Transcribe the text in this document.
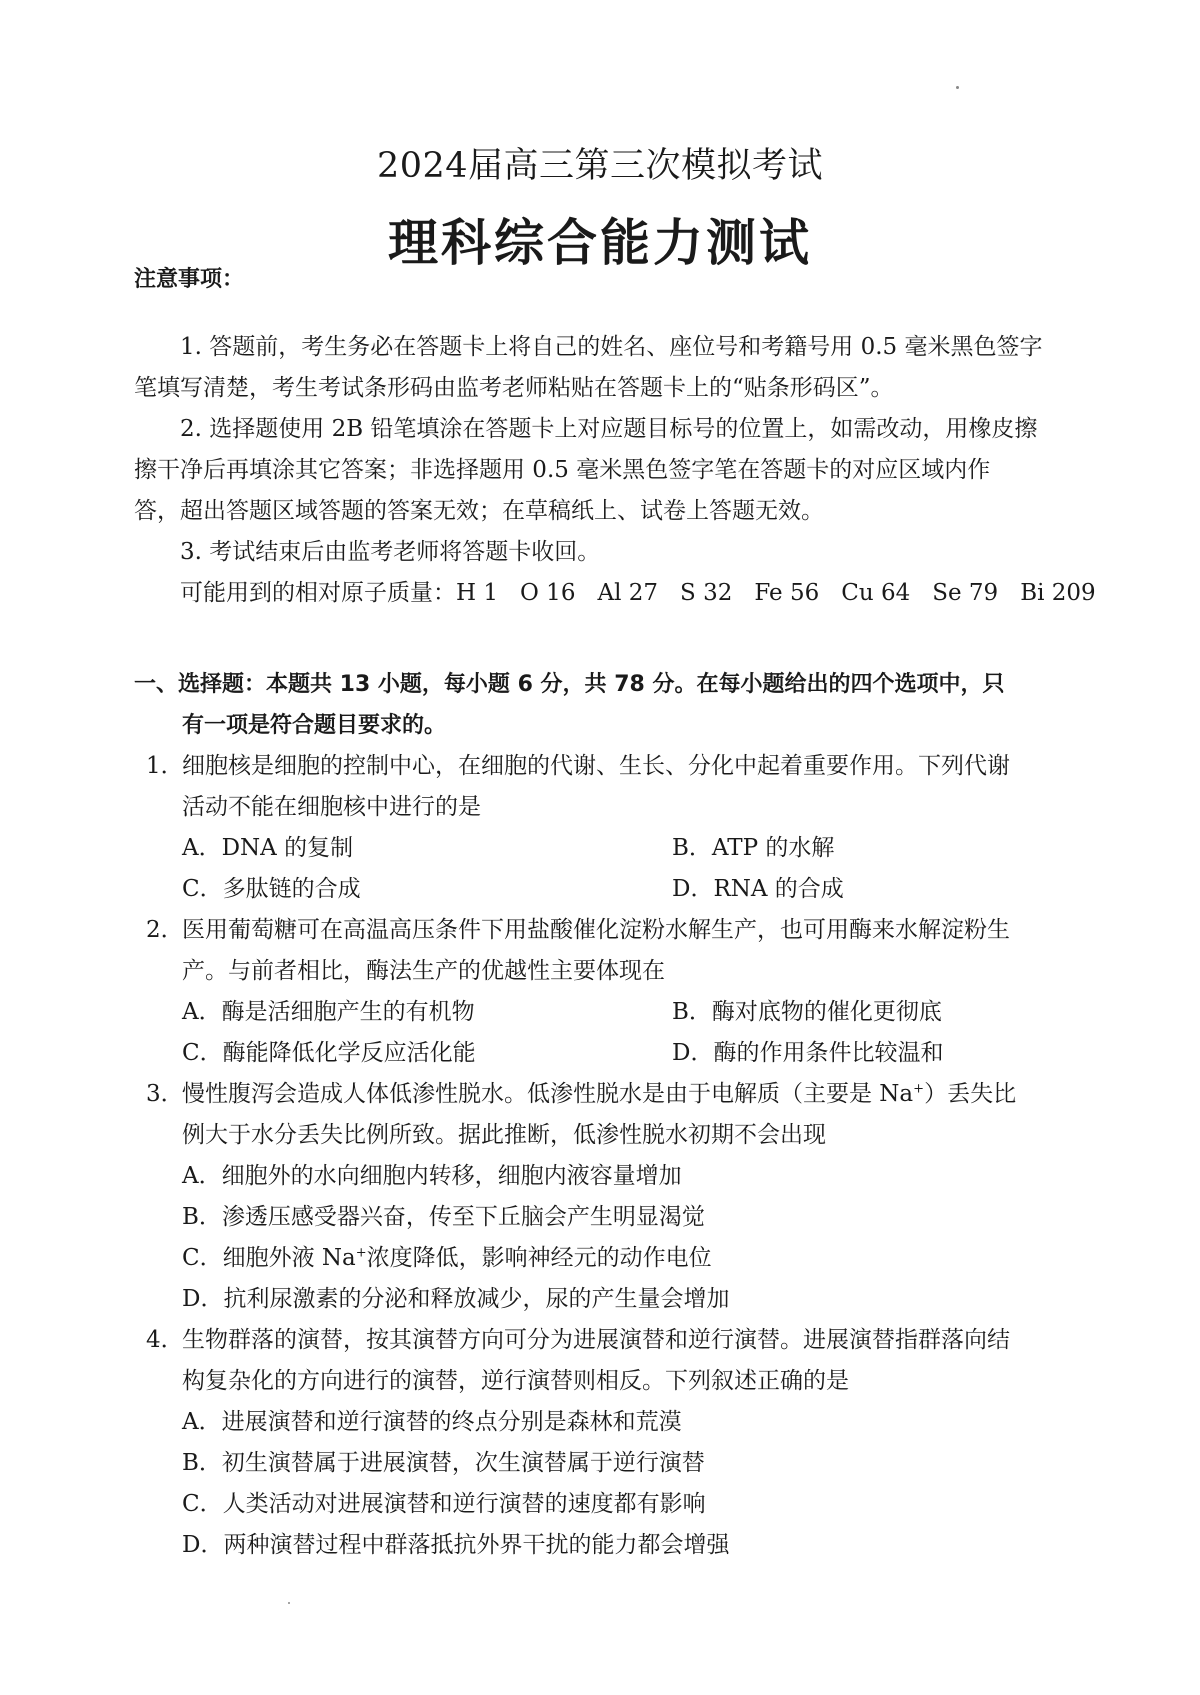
2024届高三第三次模拟考试
理科综合能力测试
注意事项：
1. 答题前，考生务必在答题卡上将自己的姓名、座位号和考籍号用 0.5 毫米黑色签字
笔填写清楚，考生考试条形码由监考老师粘贴在答题卡上的“贴条形码区”。
2. 选择题使用 2B 铅笔填涂在答题卡上对应题目标号的位置上，如需改动，用橡皮擦
擦干净后再填涂其它答案；非选择题用 0.5 毫米黑色签字笔在答题卡的对应区域内作
答，超出答题区域答题的答案无效；在草稿纸上、试卷上答题无效。
3. 考试结束后由监考老师将答题卡收回。
可能用到的相对原子质量：H 1 O 16 Al 27 S 32 Fe 56 Cu 64 Se 79 Bi 209
一、选择题：本题共 13 小题，每小题 6 分，共 78 分。在每小题给出的四个选项中，只
有一项是符合题目要求的。
1．
细胞核是细胞的控制中心，在细胞的代谢、生长、分化中起着重要作用。下列代谢
活动不能在细胞核中进行的是
A．DNA 的复制	B．ATP 的水解
C．多肽链的合成	D．RNA 的合成
2．
医用葡萄糖可在高温高压条件下用盐酸催化淀粉水解生产，也可用酶来水解淀粉生
产。与前者相比，酶法生产的优越性主要体现在
A．酶是活细胞产生的有机物	B．酶对底物的催化更彻底
C．酶能降低化学反应活化能	D．酶的作用条件比较温和
3．
慢性腹泻会造成人体低渗性脱水。低渗性脱水是由于电解质（主要是 Na+）丢失比
例大于水分丢失比例所致。据此推断，低渗性脱水初期不会出现
A．细胞外的水向细胞内转移，细胞内液容量增加
B．渗透压感受器兴奋，传至下丘脑会产生明显渴觉
C．细胞外液 Na+浓度降低，影响神经元的动作电位
D．抗利尿激素的分泌和释放减少，尿的产生量会增加
4．
生物群落的演替，按其演替方向可分为进展演替和逆行演替。进展演替指群落向结
构复杂化的方向进行的演替，逆行演替则相反。下列叙述正确的是
A．进展演替和逆行演替的终点分别是森林和荒漠
B．初生演替属于进展演替，次生演替属于逆行演替
C．人类活动对进展演替和逆行演替的速度都有影响
D．两种演替过程中群落抵抗外界干扰的能力都会增强
